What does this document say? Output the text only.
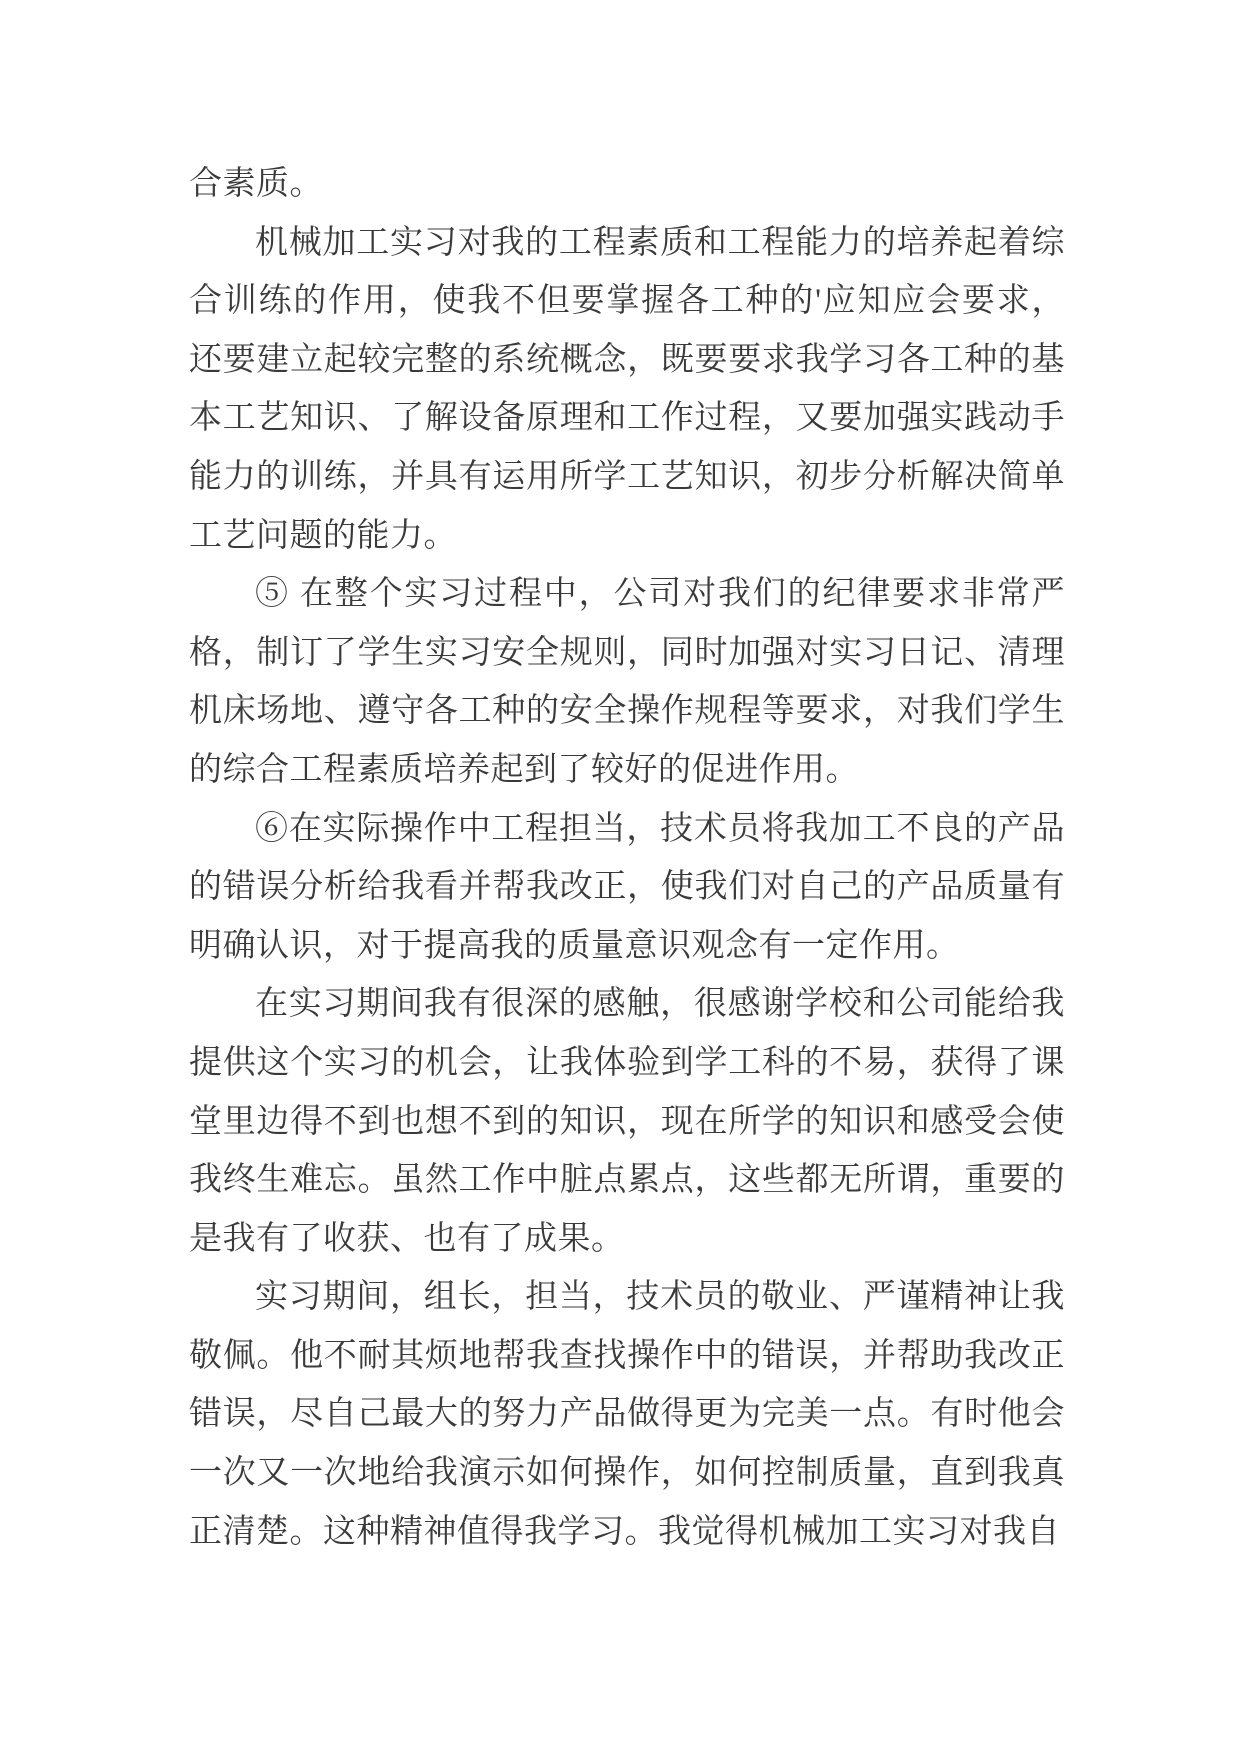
合素质。

机械加工实习对我的工程素质和工程能力的培养起着综合训练的作用，使我不但要掌握各工种的'应知应会要求，还要建立起较完整的系统概念，既要要求我学习各工种的基本工艺知识、了解设备原理和工作过程，又要加强实践动手能力的训练，并具有运用所学工艺知识，初步分析解决简单工艺问题的能力。

⑤ 在整个实习过程中，公司对我们的纪律要求非常严格，制订了学生实习安全规则，同时加强对实习日记、清理机床场地、遵守各工种的安全操作规程等要求，对我们学生的综合工程素质培养起到了较好的促进作用。

⑥在实际操作中工程担当，技术员将我加工不良的产品的错误分析给我看并帮我改正，使我们对自己的产品质量有明确认识，对于提高我的质量意识观念有一定作用。

在实习期间我有很深的感触，很感谢学校和公司能给我提供这个实习的机会，让我体验到学工科的不易，获得了课堂里边得不到也想不到的知识，现在所学的知识和感受会使我终生难忘。虽然工作中脏点累点，这些都无所谓，重要的是我有了收获、也有了成果。

实习期间，组长，担当，技术员的敬业、严谨精神让我敬佩。他不耐其烦地帮我查找操作中的错误，并帮助我改正错误，尽自己最大的努力产品做得更为完美一点。有时他会一次又一次地给我演示如何操作，如何控制质量，直到我真正清楚。这种精神值得我学习。我觉得机械加工实习对我自
